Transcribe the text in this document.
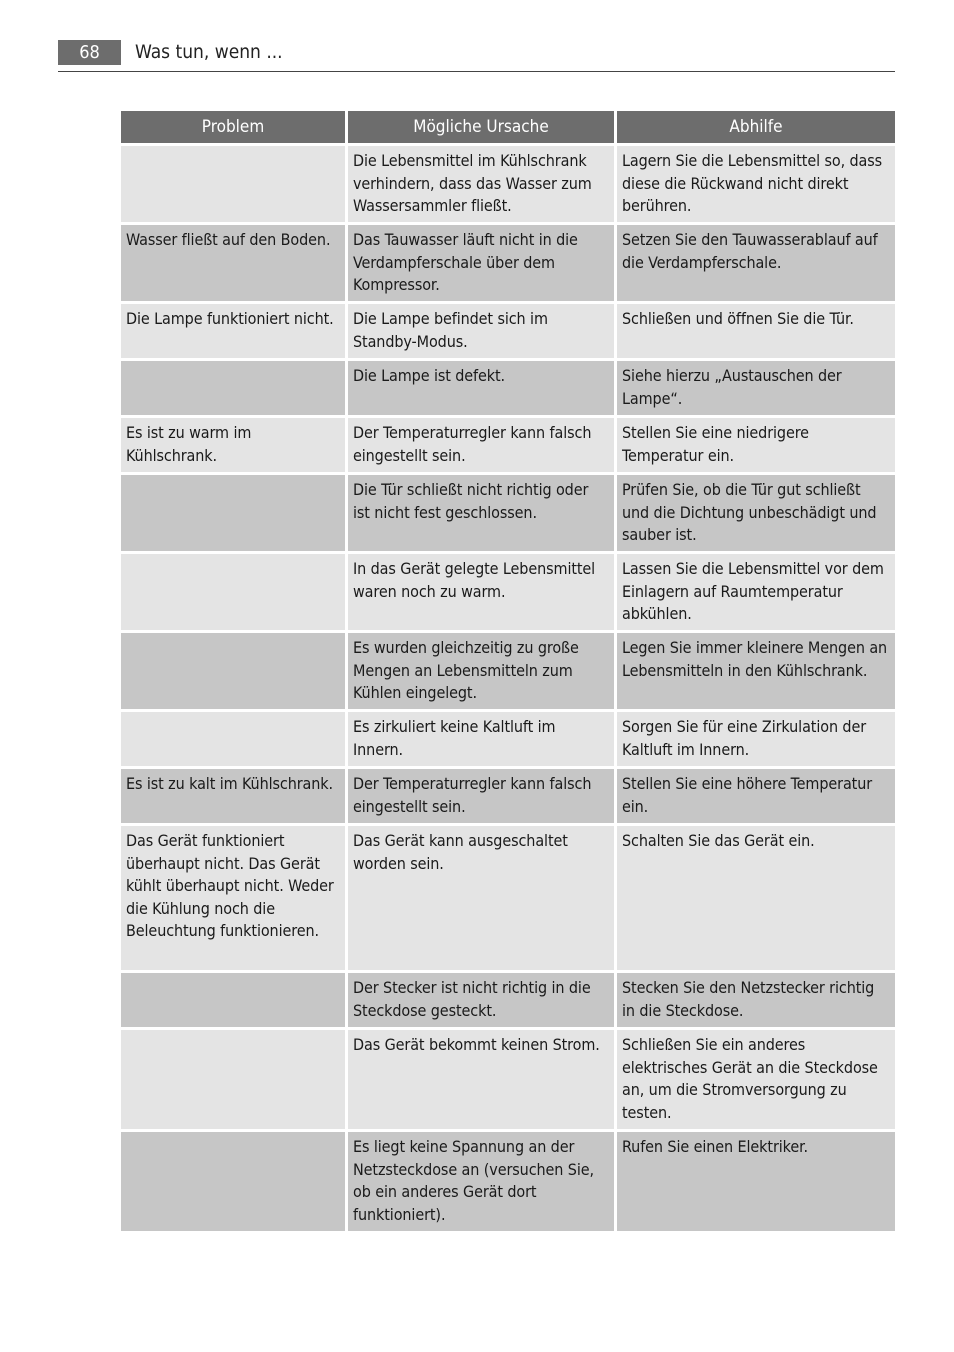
68	Was tun, wenn ...
Problem	Mögliche Ursache	Abhilfe
	Die Lebensmittel im Kühlschrank verhindern, dass das Wasser zum Wassersammler fließt.	Lagern Sie die Lebensmittel so, dass diese die Rückwand nicht direkt berühren.
Wasser fließt auf den Boden.	Das Tauwasser läuft nicht in die Verdampferschale über dem Kompressor.	Setzen Sie den Tauwasserablauf auf die Verdampferschale.
Die Lampe funktioniert nicht.	Die Lampe befindet sich im Standby-Modus.	Schließen und öffnen Sie die Tür.
	Die Lampe ist defekt.	Siehe hierzu „Austauschen der Lampe“.
Es ist zu warm im Kühlschrank.	Der Temperaturregler kann falsch eingestellt sein.	Stellen Sie eine niedrigere Temperatur ein.
	Die Tür schließt nicht richtig oder ist nicht fest geschlossen.	Prüfen Sie, ob die Tür gut schließt und die Dichtung unbeschädigt und sauber ist.
	In das Gerät gelegte Lebensmittel waren noch zu warm.	Lassen Sie die Lebensmittel vor dem Einlagern auf Raumtemperatur abkühlen.
	Es wurden gleichzeitig zu große Mengen an Lebensmitteln zum Kühlen eingelegt.	Legen Sie immer kleinere Mengen an Lebensmitteln in den Kühlschrank.
	Es zirkuliert keine Kaltluft im Innern.	Sorgen Sie für eine Zirkulation der Kaltluft im Innern.
Es ist zu kalt im Kühlschrank.	Der Temperaturregler kann falsch eingestellt sein.	Stellen Sie eine höhere Temperatur ein.
Das Gerät funktioniert überhaupt nicht. Das Gerät kühlt überhaupt nicht. Weder die Kühlung noch die Beleuchtung funktionieren.	Das Gerät kann ausgeschaltet worden sein.	Schalten Sie das Gerät ein.
	Der Stecker ist nicht richtig in die Steckdose gesteckt.	Stecken Sie den Netzstecker richtig in die Steckdose.
	Das Gerät bekommt keinen Strom.	Schließen Sie ein anderes elektrisches Gerät an die Steckdose an, um die Stromversorgung zu testen.
	Es liegt keine Spannung an der Netzsteckdose an (versuchen Sie, ob ein anderes Gerät dort funktioniert).	Rufen Sie einen Elektriker.
